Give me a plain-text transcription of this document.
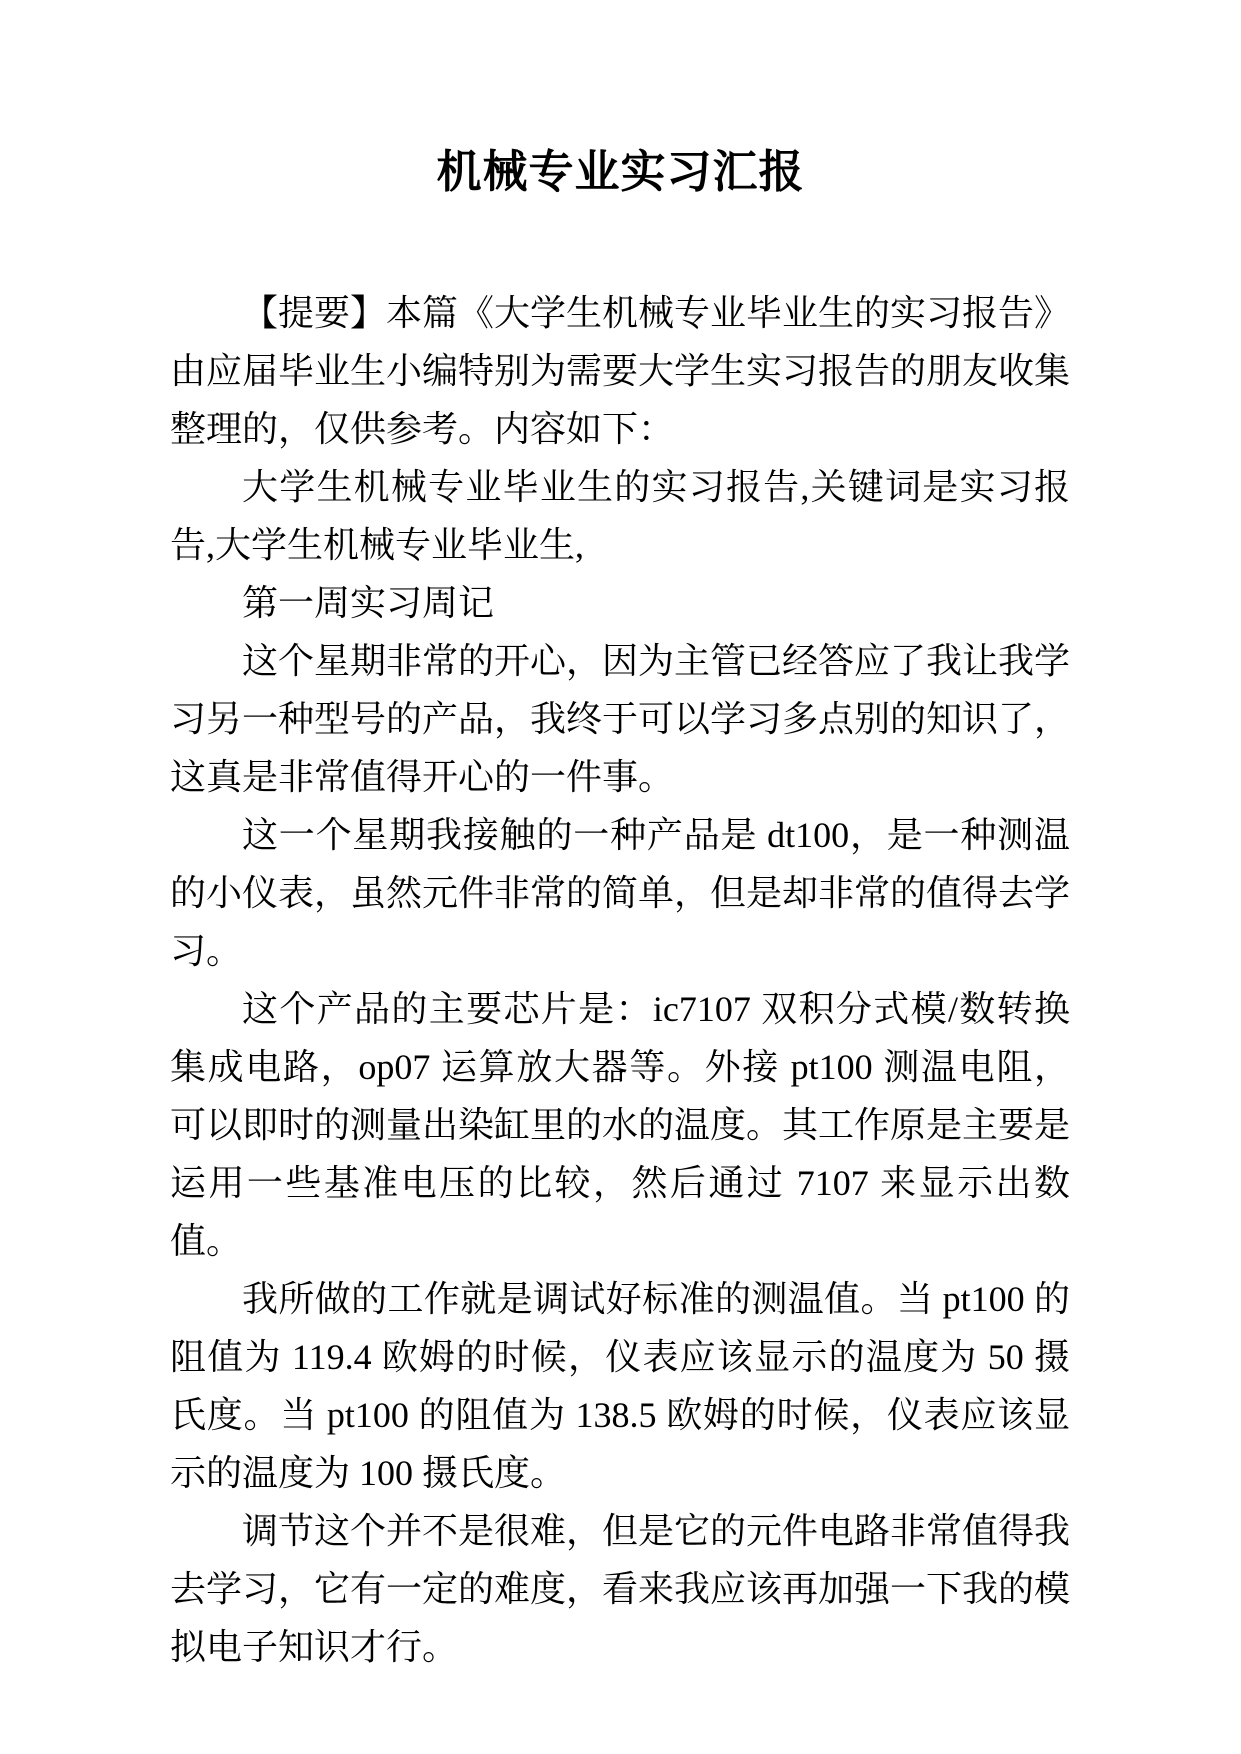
机械专业实习汇报

【提要】本篇《大学生机械专业毕业生的实习报告》由应届毕业生小编特别为需要大学生实习报告的朋友收集整理的，仅供参考。内容如下：

大学生机械专业毕业生的实习报告,关键词是实习报告,大学生机械专业毕业生,

第一周实习周记

这个星期非常的开心，因为主管已经答应了我让我学习另一种型号的产品，我终于可以学习多点别的知识了，这真是非常值得开心的一件事。

这一个星期我接触的一种产品是 dt100，是一种测温的小仪表，虽然元件非常的简单，但是却非常的值得去学习。

这个产品的主要芯片是：ic7107 双积分式模/数转换集成电路，op07 运算放大器等。外接 pt100 测温电阻，可以即时的测量出染缸里的水的温度。其工作原是主要是运用一些基准电压的比较，然后通过 7107 来显示出数值。

我所做的工作就是调试好标准的测温值。当 pt100 的阻值为 119.4 欧姆的时候，仪表应该显示的温度为 50 摄氏度。当 pt100 的阻值为 138.5 欧姆的时候，仪表应该显示的温度为 100 摄氏度。

调节这个并不是很难，但是它的元件电路非常值得我去学习，它有一定的难度，看来我应该再加强一下我的模拟电子知识才行。
